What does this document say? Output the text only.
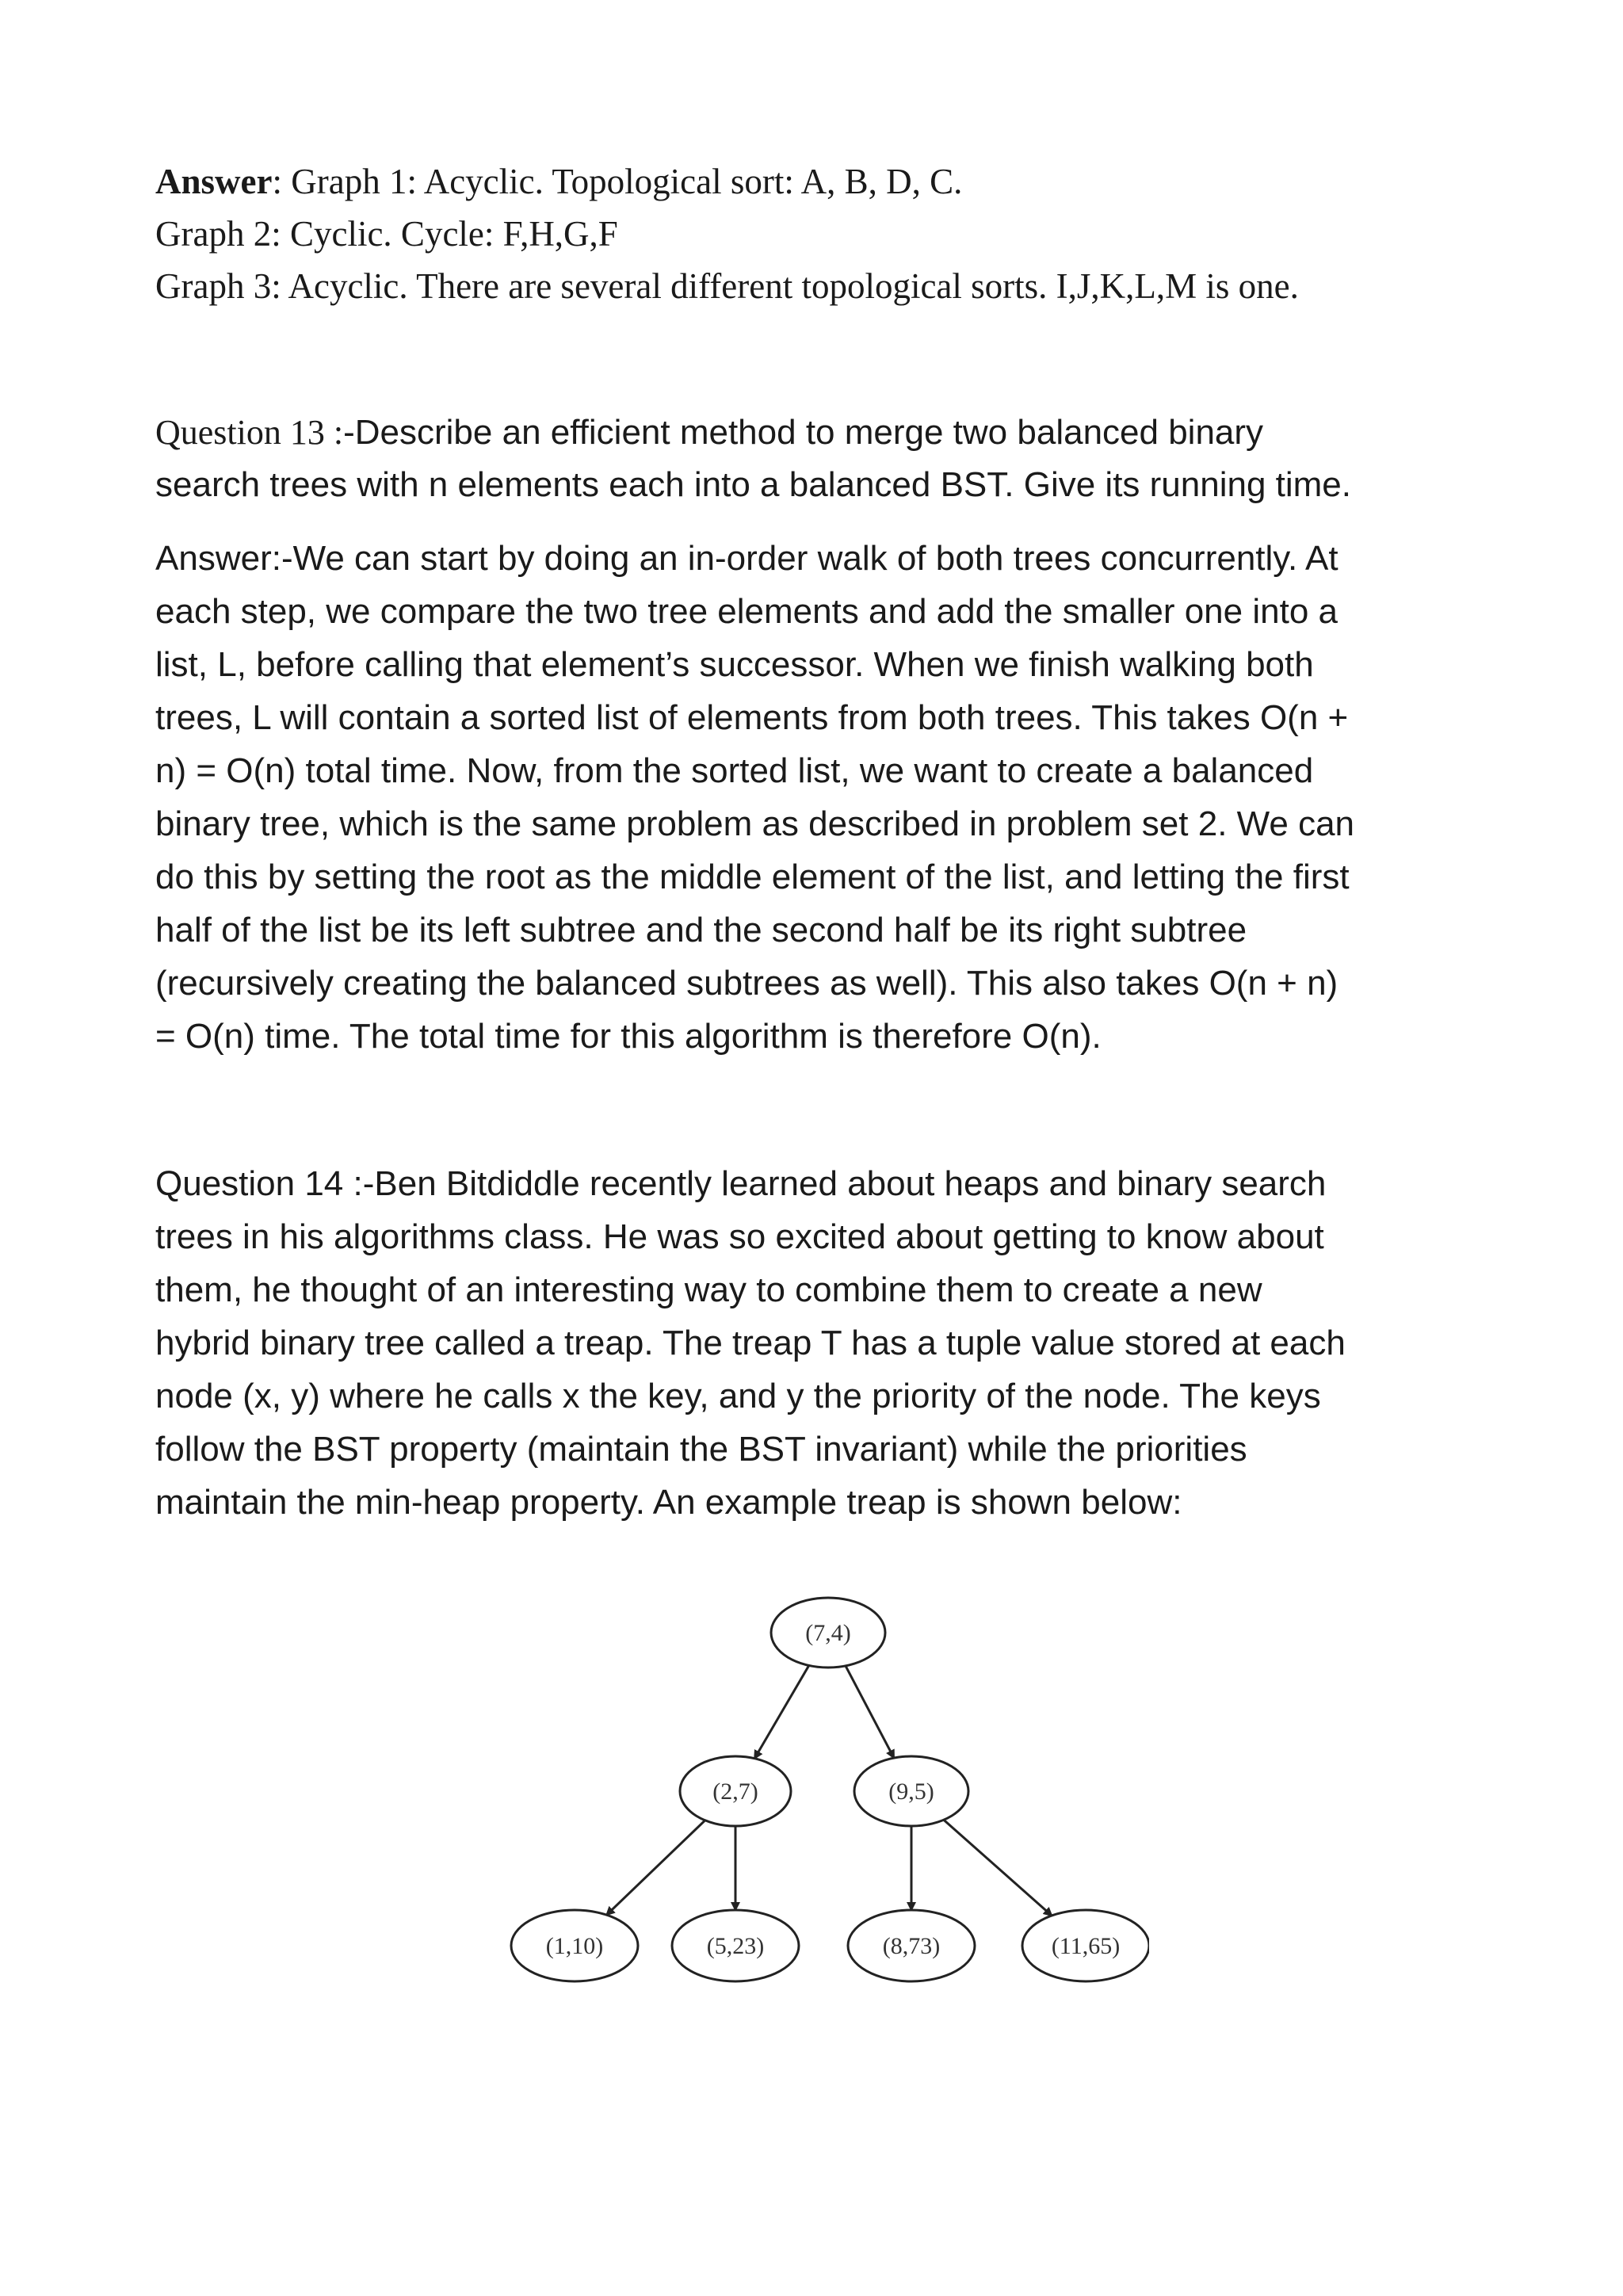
Answer: Graph 1: Acyclic. Topological sort: A, B, D, C.
Graph 2: Cyclic. Cycle: F,H,G,F
Graph 3: Acyclic. There are several different topological sorts. I,J,K,L,M is one.
Question 13 :-Describe an efficient method to merge two balanced binary
search trees with n elements each into a balanced BST. Give its running time.
Answer:-We can start by doing an in-order walk of both trees concurrently. At
each step, we compare the two tree elements and add the smaller one into a
list, L, before calling that element’s successor. When we finish walking both
trees, L will contain a sorted list of elements from both trees. This takes O(n +
n) = O(n) total time. Now, from the sorted list, we want to create a balanced
binary tree, which is the same problem as described in problem set 2. We can
do this by setting the root as the middle element of the list, and letting the first
half of the list be its left subtree and the second half be its right subtree
(recursively creating the balanced subtrees as well). This also takes O(n + n)
= O(n) time. The total time for this algorithm is therefore O(n).
Question 14 :-Ben Bitdiddle recently learned about heaps and binary search
trees in his algorithms class. He was so excited about getting to know about
them, he thought of an interesting way to combine them to create a new
hybrid binary tree called a treap. The treap T has a tuple value stored at each
node (x, y) where he calls x the key, and y the priority of the node. The keys
follow the BST property (maintain the BST invariant) while the priorities
maintain the min-heap property. An example treap is shown below:
(7,4)
(2,7)	(9,5)
(1,10)	(5,23)	(8,73)	(11,65)
